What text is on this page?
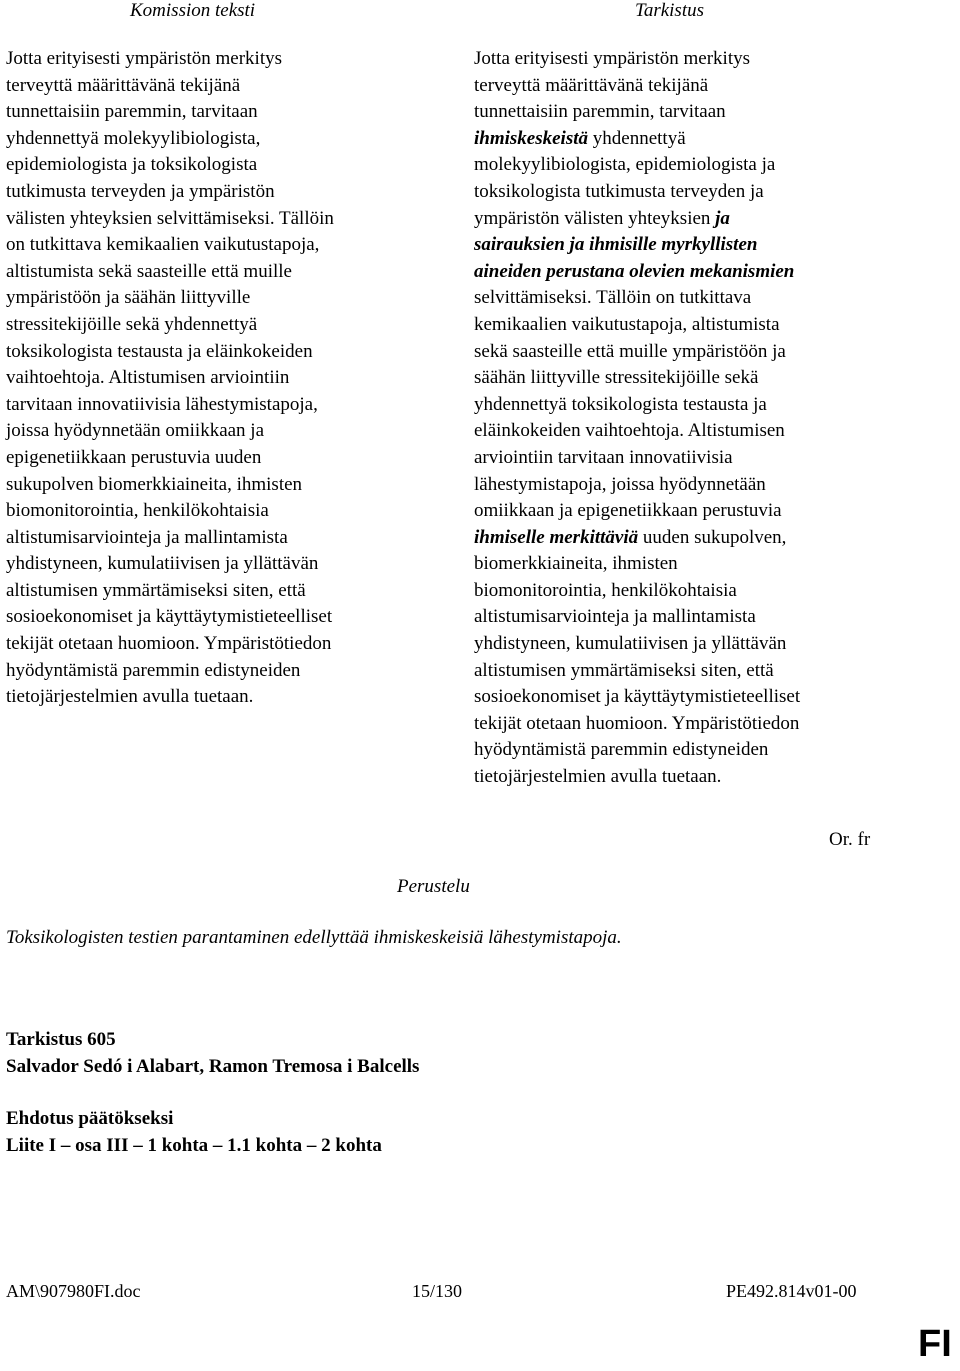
Komission teksti	Tarkistus
Jotta erityisesti ympäristön merkitys
terveyttä määrittävänä tekijänä
tunnettaisiin paremmin, tarvitaan
yhdennettyä molekyylibiologista,
epidemiologista ja toksikologista
tutkimusta terveyden ja ympäristön
välisten yhteyksien selvittämiseksi. Tällöin
on tutkittava kemikaalien vaikutustapoja,
altistumista sekä saasteille että muille
ympäristöön ja säähän liittyville
stressitekijöille sekä yhdennettyä
toksikologista testausta ja eläinkokeiden
vaihtoehtoja. Altistumisen arviointiin
tarvitaan innovatiivisia lähestymistapoja,
joissa hyödynnetään omiikkaan ja
epigenetiikkaan perustuvia uuden
sukupolven biomerkkiaineita, ihmisten
biomonitorointia, henkilökohtaisia
altistumisarviointeja ja mallintamista
yhdistyneen, kumulatiivisen ja yllättävän
altistumisen ymmärtämiseksi siten, että
sosioekonomiset ja käyttäytymistieteelliset
tekijät otetaan huomioon. Ympäristötiedon
hyödyntämistä paremmin edistyneiden
tietojärjestelmien avulla tuetaan.
Jotta erityisesti ympäristön merkitys
terveyttä määrittävänä tekijänä
tunnettaisiin paremmin, tarvitaan
ihmiskeskeistä yhdennettyä
molekyylibiologista, epidemiologista ja
toksikologista tutkimusta terveyden ja
ympäristön välisten yhteyksien ja
sairauksien ja ihmisille myrkyllisten
aineiden perustana olevien mekanismien
selvittämiseksi. Tällöin on tutkittava
kemikaalien vaikutustapoja, altistumista
sekä saasteille että muille ympäristöön ja
säähän liittyville stressitekijöille sekä
yhdennettyä toksikologista testausta ja
eläinkokeiden vaihtoehtoja. Altistumisen
arviointiin tarvitaan innovatiivisia
lähestymistapoja, joissa hyödynnetään
omiikkaan ja epigenetiikkaan perustuvia
ihmiselle merkittäviä uuden sukupolven,
biomerkkiaineita, ihmisten
biomonitorointia, henkilökohtaisia
altistumisarviointeja ja mallintamista
yhdistyneen, kumulatiivisen ja yllättävän
altistumisen ymmärtämiseksi siten, että
sosioekonomiset ja käyttäytymistieteelliset
tekijät otetaan huomioon. Ympäristötiedon
hyödyntämistä paremmin edistyneiden
tietojärjestelmien avulla tuetaan.
Or. fr
Perustelu
Toksikologisten testien parantaminen edellyttää ihmiskeskeisiä lähestymistapoja.
Tarkistus 605
Salvador Sedó i Alabart, Ramon Tremosa i Balcells
Ehdotus päätökseksi
Liite I – osa III – 1 kohta – 1.1 kohta – 2 kohta
AM\907980FI.doc	15/130	PE492.814v01-00
FI
